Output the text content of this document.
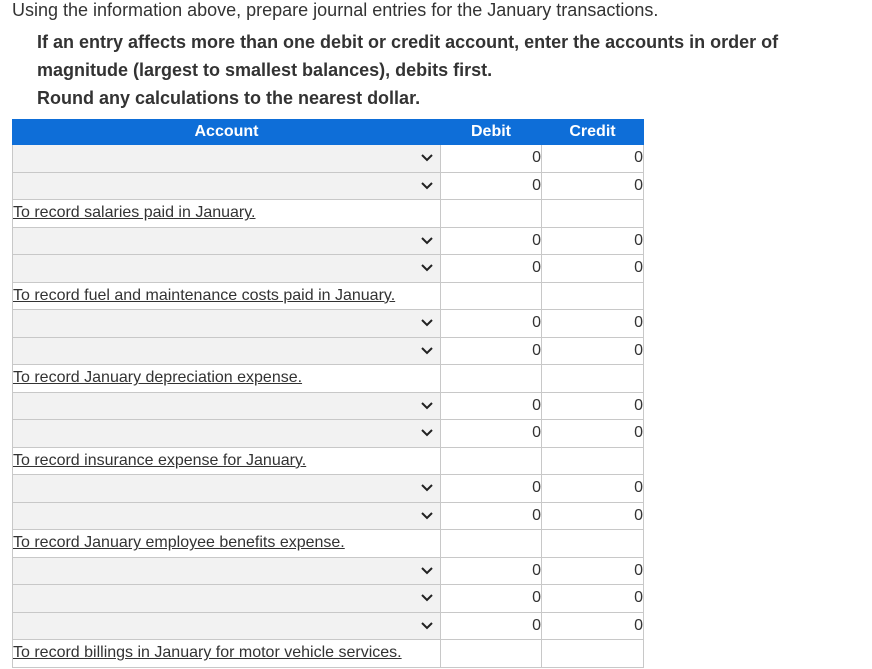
Using the information above, prepare journal entries for the January transactions.
If an entry affects more than one debit or credit account, enter the accounts in order of
magnitude (largest to smallest balances), debits first.
Round any calculations to the nearest dollar.
Account	Debit	Credit

	0	0

	0	0
To record salaries paid in January.		

	0	0

	0	0
To record fuel and maintenance costs paid in January.		

	0	0

	0	0
To record January depreciation expense.		

	0	0

	0	0
To record insurance expense for January.		

	0	0

	0	0
To record January employee benefits expense.		

	0	0

	0	0

	0	0
To record billings in January for motor vehicle services.		
